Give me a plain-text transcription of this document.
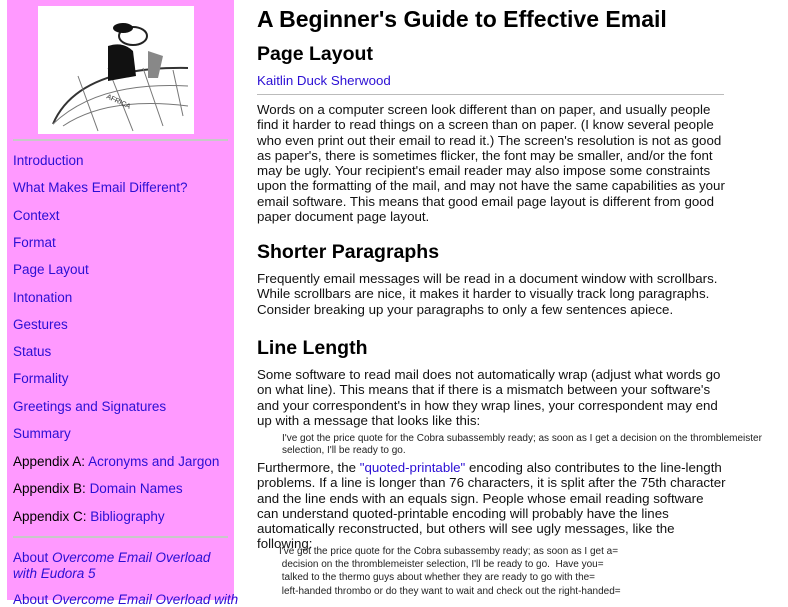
AFRICA
Introduction
What Makes Email Different?
Context
Format
Page Layout
Intonation
Gestures
Status
Formality
Greetings and Signatures
Summary
Appendix A: Acronyms and Jargon
Appendix B: Domain Names
Appendix C: Bibliography
About Overcome Email Overload with Eudora 5
About Overcome Email Overload with
A Beginner's Guide to Effective Email
Page Layout
Kaitlin Duck Sherwood

Words on a computer screen look different than on paper, and usually people find it harder to read things on a screen than on paper. (I know several people who even print out their email to read it.) The screen's resolution is not as good as paper's, there is sometimes flicker, the font may be smaller, and/or the font may be ugly. Your recipient's email reader may also impose some constraints upon the formatting of the mail, and may not have the same capabilities as your email software. This means that good email page layout is different from good paper document page layout.

Shorter Paragraphs

Frequently email messages will be read in a document window with scrollbars. While scrollbars are nice, it makes it harder to visually track long paragraphs. Consider breaking up your paragraphs to only a few sentences apiece.

Line Length

Some software to read mail does not automatically wrap (adjust what words go on what line). This means that if there is a mismatch between your software's and your correspondent's in how they wrap lines, your correspondent may end up with a message that looks like this:

I've got the price quote for the Cobra subassembly ready; as soon as I get a decision on the thromblemeister selection, I'll be ready to go.

Furthermore, the "quoted-printable" encoding also contributes to the line-length problems. If a line is longer than 76 characters, it is split after the 75th character and the line ends with an equals sign. People whose email reading software can understand quoted-printable encoding will probably have the lines automatically reconstructed, but others will see ugly messages, like the following:

I've got the price quote for the Cobra subassemby ready; as soon as I get a=
decision on the thromblemeister selection, I'll be ready to go.  Have you=
talked to the thermo guys about whether they are ready to go with the=
left-handed thrombo or do they want to wait and check out the right-handed=
